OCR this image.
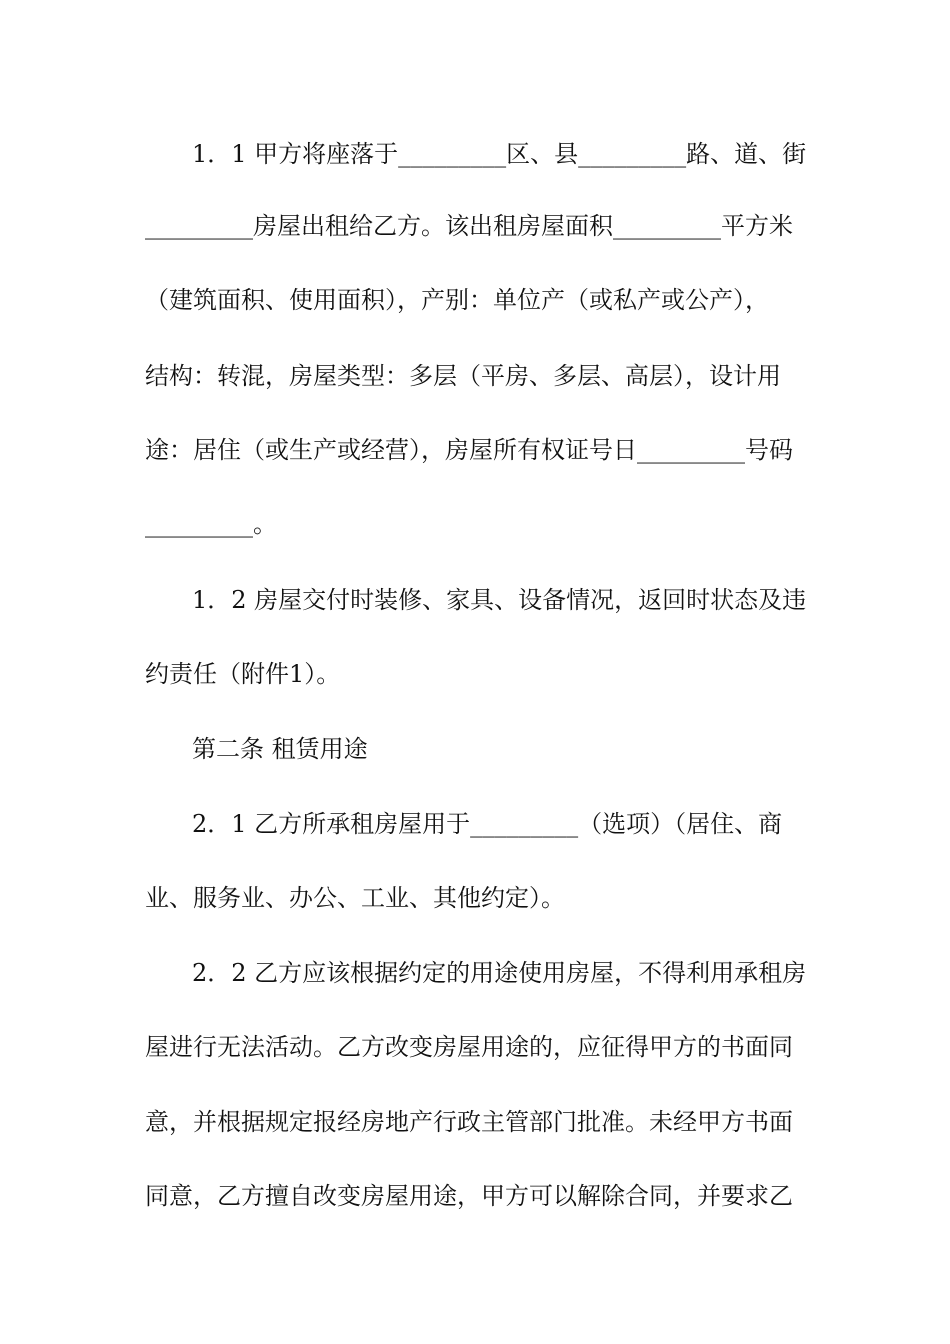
1．1 甲方将座落于_________区、县_________路、道、街
_________房屋出租给乙方。该出租房屋面积_________平方米
（建筑面积、使用面积），产别：单位产（或私产或公产），
结构：转混，房屋类型：多层（平房、多层、高层），设计用
途：居住（或生产或经营），房屋所有权证号日_________号码
_________。
1．2 房屋交付时装修、家具、设备情况，返回时状态及违
约责任（附件1）。
第二条 租赁用途
2．1 乙方所承租房屋用于_________（选项）（居住、商
业、服务业、办公、工业、其他约定）。
2．2 乙方应该根据约定的用途使用房屋，不得利用承租房
屋进行无法活动。乙方改变房屋用途的，应征得甲方的书面同
意，并根据规定报经房地产行政主管部门批准。未经甲方书面
同意，乙方擅自改变房屋用途，甲方可以解除合同，并要求乙
